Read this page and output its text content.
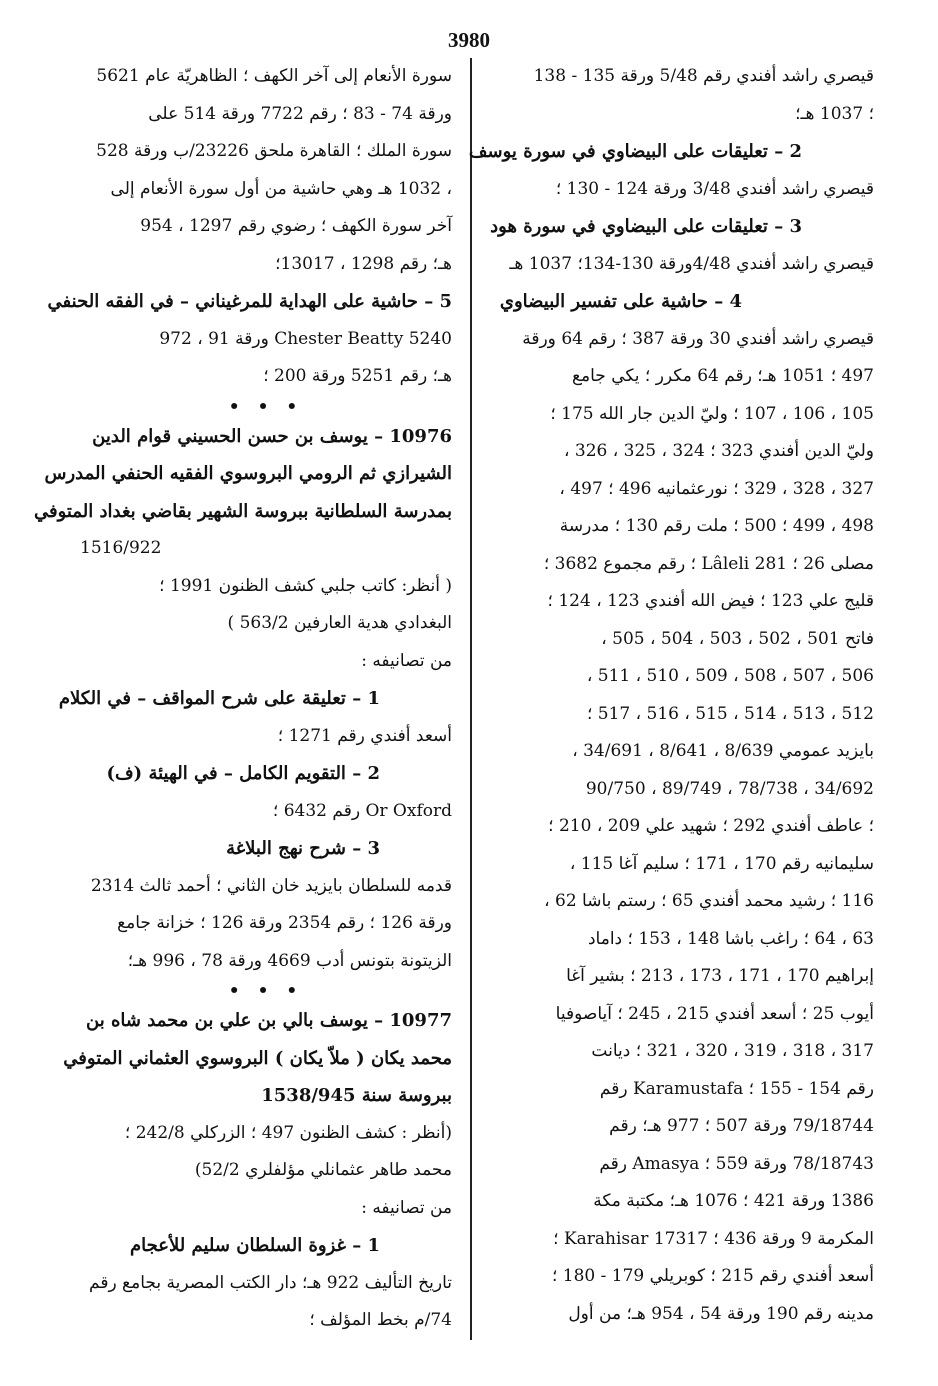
3980
قيصري راشد أفندي رقم 5/48 ورقة 135 - 138
؛ 1037 هـ؛
2 – تعليقات على البيضاوي في سورة يوسف
قيصري راشد أفندي 3/48 ورقة 124 - 130 ؛
3 – تعليقات على البيضاوي في سورة هود
قيصري راشد أفندي 4/48ورقة 130-134؛ 1037 هـ
4 – حاشية على تفسير البيضاوي
قيصري راشد أفندي 30 ورقة 387 ؛ رقم 64 ورقة
497 ؛ 1051 هـ؛ رقم 64 مكرر ؛ يكي جامع
105 ، 106 ، 107 ؛ وليّ الدين جار الله 175 ؛
وليّ الدين أفندي 323 ؛ 324 ، 325 ، 326 ،
327 ، 328 ، 329 ؛ نورعثمانيه 496 ؛ 497 ،
498 ، 499 ؛ 500 ؛ ملت رقم 130 ؛ مدرسة
مصلى 26 ؛ Lâleli 281 ؛ رقم مجموع 3682 ؛
قليج علي 123 ؛ فيض الله أفندي 123 ، 124 ؛
فاتح 501 ، 502 ، 503 ، 504 ، 505 ،
506 ، 507 ، 508 ، 509 ، 510 ، 511 ،
512 ، 513 ، 514 ، 515 ، 516 ، 517 ؛
بايزيد عمومي 8/639 ، 8/641 ، 34/691 ،
34/692 ، 78/738 ، 89/749 ، 90/750
؛ عاطف أفندي 292 ؛ شهيد علي 209 ، 210 ؛
سليمانيه رقم 170 ، 171 ؛ سليم آغا 115 ،
116 ؛ رشيد محمد أفندي 65 ؛ رستم باشا 62 ،
63 ، 64 ؛ راغب باشا 148 ، 153 ؛ داماد
إبراهيم 170 ، 171 ، 173 ، 213 ؛ بشير آغا
أيوب 25 ؛ أسعد أفندي 215 ، 245 ؛ آياصوفيا
317 ، 318 ، 319 ، 320 ، 321 ؛ ديانت
رقم 154 - 155 ؛ Karamustafa رقم
79/18744 ورقة 507 ؛ 977 هـ؛ رقم
78/18743 ورقة 559 ؛ Amasya رقم
1386 ورقة 421 ؛ 1076 هـ؛ مكتبة مكة
المكرمة 9 ورقة 436 ؛ Karahisar 17317 ؛
أسعد أفندي رقم 215 ؛ كوبريلي 179 - 180 ؛
مدينه رقم 190 ورقة 54 ، 954 هـ؛ من أول
سورة الأنعام إلى آخر الكهف ؛ الظاهريّة عام 5621
ورقة 74 - 83 ؛ رقم 7722 ورقة 514 على
سورة الملك ؛ القاهرة ملحق 23226/ب ورقة 528
، 1032 هـ وهي حاشية من أول سورة الأنعام إلى
آخر سورة الكهف ؛ رضوي رقم 1297 ، 954
هـ؛ رقم 1298 ، 13017؛
5 – حاشية على الهداية للمرغيناني – في الفقه الحنفي
Chester Beatty 5240 ورقة 91 ، 972
هـ؛ رقم 5251 ورقة 200 ؛
• • •
10976 – يوسف بن حسن الحسيني قوام الدين
الشيرازي ثم الرومي البروسوي الفقيه الحنفي المدرس
بمدرسة السلطانية ببروسة الشهير بقاضي بغداد المتوفي
1516/922
( أنظر: كاتب جلبي كشف الظنون 1991 ؛
البغدادي هدية العارفين 563/2 )
من تصانيفه :
1 – تعليقة على شرح المواقف – في الكلام
أسعد أفندي رقم 1271 ؛
2 – التقويم الكامل – في الهيئة (ف)
Or Oxford رقم 6432 ؛
3 – شرح نهج البلاغة
قدمه للسلطان بايزيد خان الثاني ؛ أحمد ثالث 2314
ورقة 126 ؛ رقم 2354 ورقة 126 ؛ خزانة جامع
الزيتونة بتونس أدب 4669 ورقة 78 ، 996 هـ؛
• • •
10977 – يوسف بالي بن علي بن محمد شاه بن
محمد يكان ( ملاّ يكان ) البروسوي العثماني المتوفي
ببروسة سنة 1538/945
(أنظر : كشف الظنون 497 ؛ الزركلي 242/8 ؛
محمد طاهر عثمانلي مؤلفلري 52/2)
من تصانيفه :
1 – غزوة السلطان سليم للأعجام
تاريخ التأليف 922 هـ؛ دار الكتب المصرية بجامع رقم
74/م بخط المؤلف ؛
